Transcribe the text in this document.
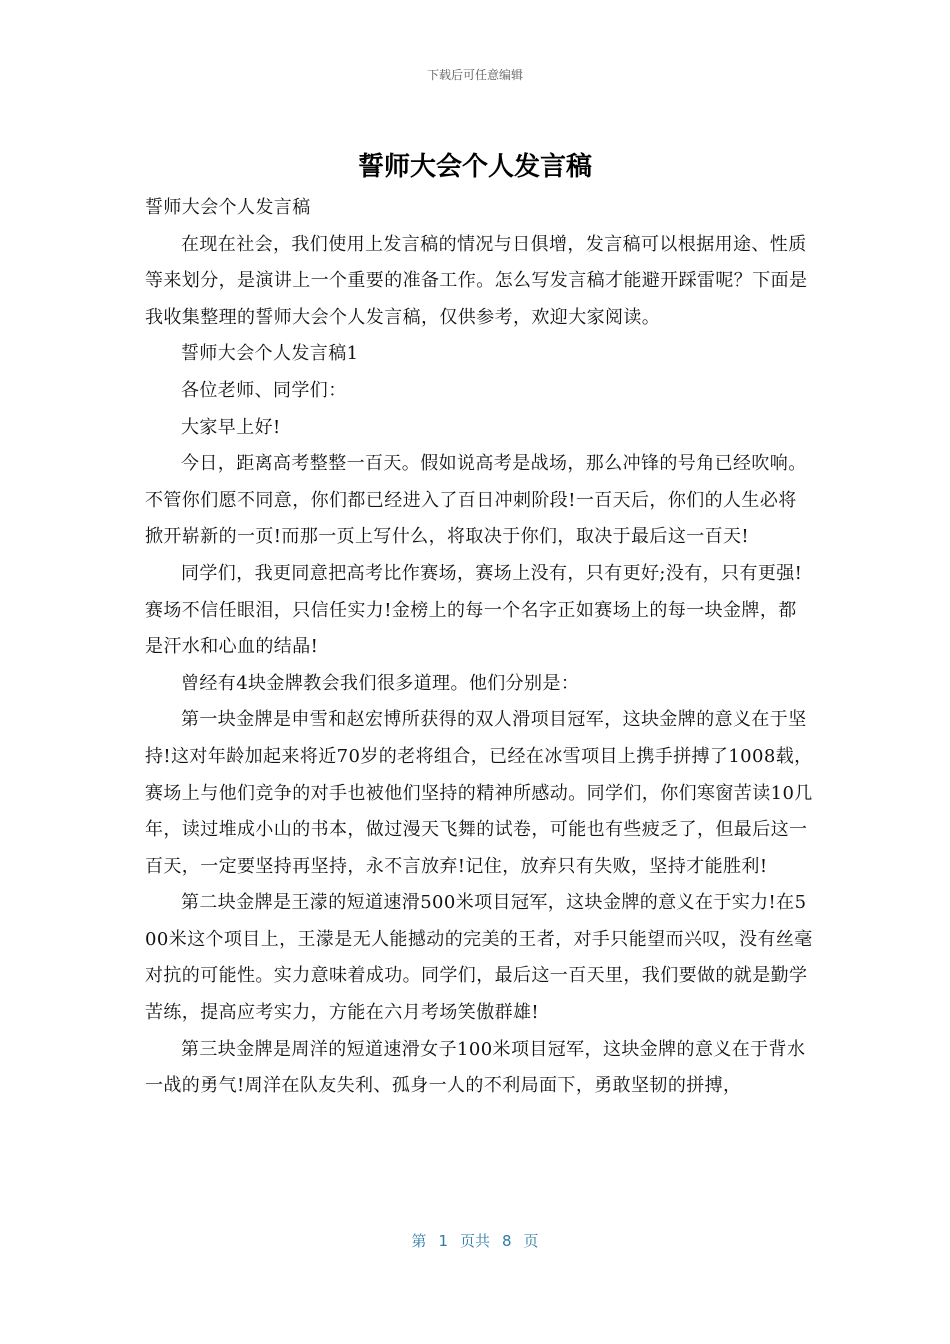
下载后可任意编辑
誓师大会个人发言稿

誓师大会个人发言稿

在现在社会，我们使用上发言稿的情况与日俱增，发言稿可以根据用途、性质等来划分，是演讲上一个重要的准备工作。怎么写发言稿才能避开踩雷呢？下面是我收集整理的誓师大会个人发言稿，仅供参考，欢迎大家阅读。

誓师大会个人发言稿1

各位老师、同学们：

大家早上好!

今日，距离高考整整一百天。假如说高考是战场，那么冲锋的号角已经吹响。不管你们愿不同意，你们都已经进入了百日冲刺阶段!一百天后，你们的人生必将掀开崭新的一页!而那一页上写什么，将取决于你们，取决于最后这一百天!

同学们，我更同意把高考比作赛场，赛场上没有，只有更好;没有，只有更强!赛场不信任眼泪，只信任实力!金榜上的每一个名字正如赛场上的每一块金牌，都是汗水和心血的结晶!

曾经有4块金牌教会我们很多道理。他们分别是：

第一块金牌是申雪和赵宏博所获得的双人滑项目冠军，这块金牌的意义在于坚持!这对年龄加起来将近70岁的老将组合，已经在冰雪项目上携手拼搏了1008载，赛场上与他们竞争的对手也被他们坚持的精神所感动。同学们，你们寒窗苦读10几年，读过堆成小山的书本，做过漫天飞舞的试卷，可能也有些疲乏了，但最后这一百天，一定要坚持再坚持，永不言放弃!记住，放弃只有失败，坚持才能胜利!

第二块金牌是王濛的短道速滑500米项目冠军，这块金牌的意义在于实力!在500米这个项目上，王濛是无人能撼动的完美的王者，对手只能望而兴叹，没有丝毫对抗的可能性。实力意味着成功。同学们，最后这一百天里，我们要做的就是勤学苦练，提高应考实力，方能在六月考场笑傲群雄!

第三块金牌是周洋的短道速滑女子100米项目冠军，这块金牌的意义在于背水一战的勇气!周洋在队友失利、孤身一人的不利局面下，勇敢坚韧的拼搏，

第 1 页共 8 页
